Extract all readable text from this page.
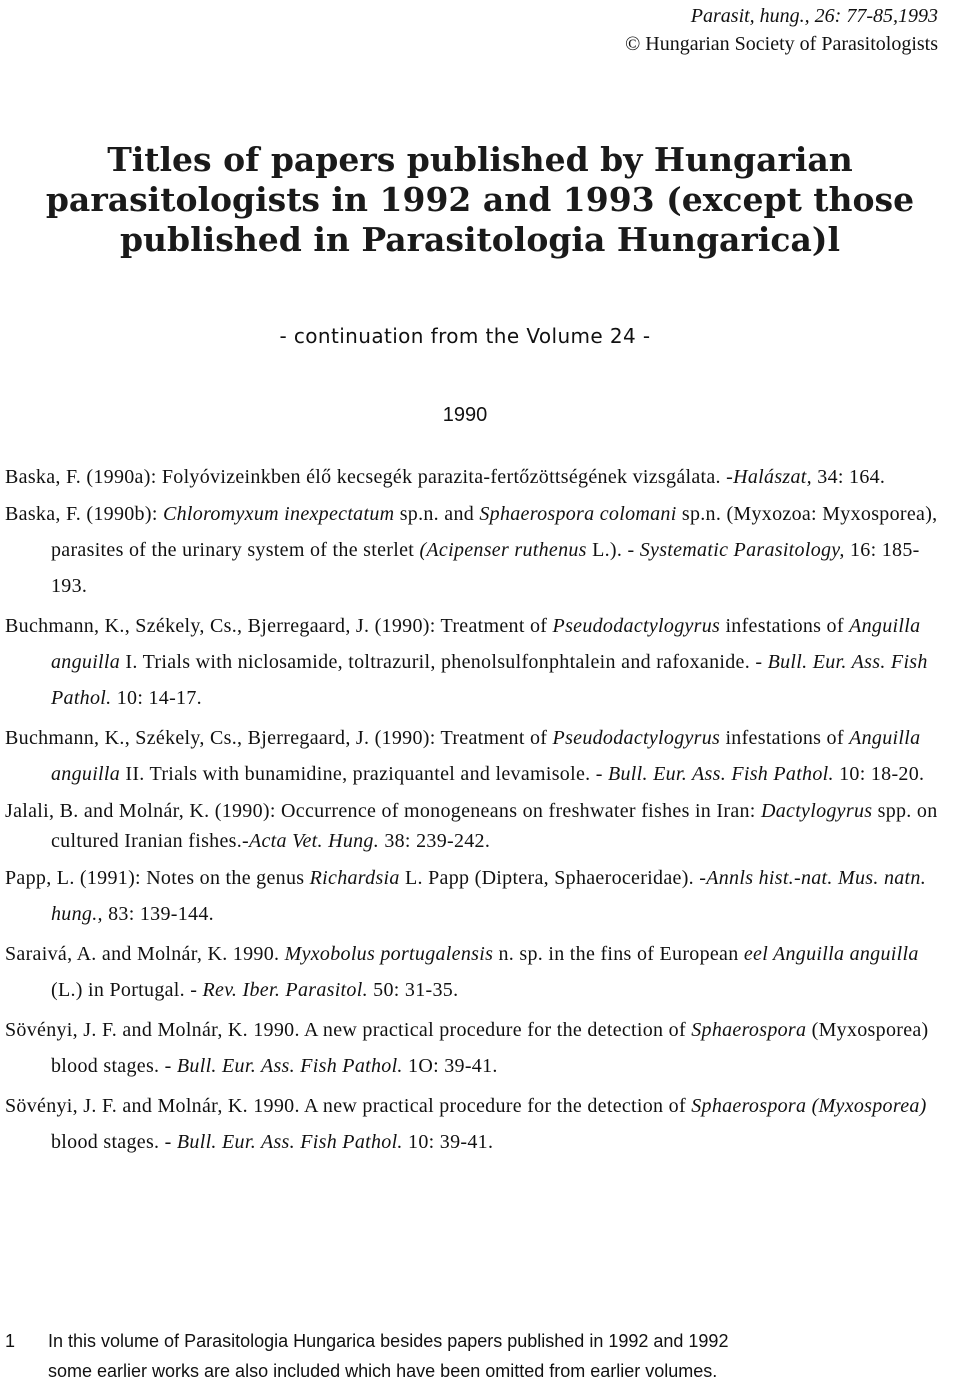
Parasit, hung., 26: 77-85,1993
© Hungarian Society of Parasitologists
Titles of papers published by Hungarian
parasitologists in 1992 and 1993 (except those
published in Parasitologia Hungarica)l
- continuation from the Volume 24 -
1990
Baska, F. (1990a): Folyóvizeinkben élő kecsegék parazita-fertőzöttségének vizsgálata. -Halászat, 34: 164.
Baska, F. (1990b): Chloromyxum inexpectatum sp.n. and Sphaerospora colomani sp.n. (Myxozoa: Myxosporea), parasites of the urinary system of the sterlet (Acipenser ruthenus L.). - Systematic Parasitology, 16: 185-193.
Buchmann, K., Székely, Cs., Bjerregaard, J. (1990): Treatment of Pseudodactylogyrus infestations of Anguilla anguilla I. Trials with niclosamide, toltrazuril, phenolsulfonphtalein and rafoxanide. - Bull. Eur. Ass. Fish Pathol. 10: 14-17.
Buchmann, K., Székely, Cs., Bjerregaard, J. (1990): Treatment of Pseudodactylogyrus infestations of Anguilla anguilla II. Trials with bunamidine, praziquantel and levamisole. - Bull. Eur. Ass. Fish Pathol. 10: 18-20.
Jalali, B. and Molnár, K. (1990): Occurrence of monogeneans on freshwater fishes in Iran: Dactylogyrus spp. on cultured Iranian fishes.-Acta Vet. Hung. 38: 239-242.
Papp, L. (1991): Notes on the genus Richardsia L. Papp (Diptera, Sphaeroceridae). -Annls hist.-nat. Mus. natn. hung., 83: 139-144.
Saraivá, A. and Molnár, K. 1990. Myxobolus portugalensis n. sp. in the fins of European eel Anguilla anguilla (L.) in Portugal. - Rev. Iber. Parasitol. 50: 31-35.
Sövényi, J. F. and Molnár, K. 1990. A new practical procedure for the detection of Sphaerospora (Myxosporea) blood stages. - Bull. Eur. Ass. Fish Pathol. 1O: 39-41.
Sövényi, J. F. and Molnár, K. 1990. A new practical procedure for the detection of Sphaerospora (Myxosporea) blood stages. - Bull. Eur. Ass. Fish Pathol. 10: 39-41.
1 In this volume of Parasitologia Hungarica besides papers published in 1992 and 1992
some earlier works are also included which have been omitted from earlier volumes.
